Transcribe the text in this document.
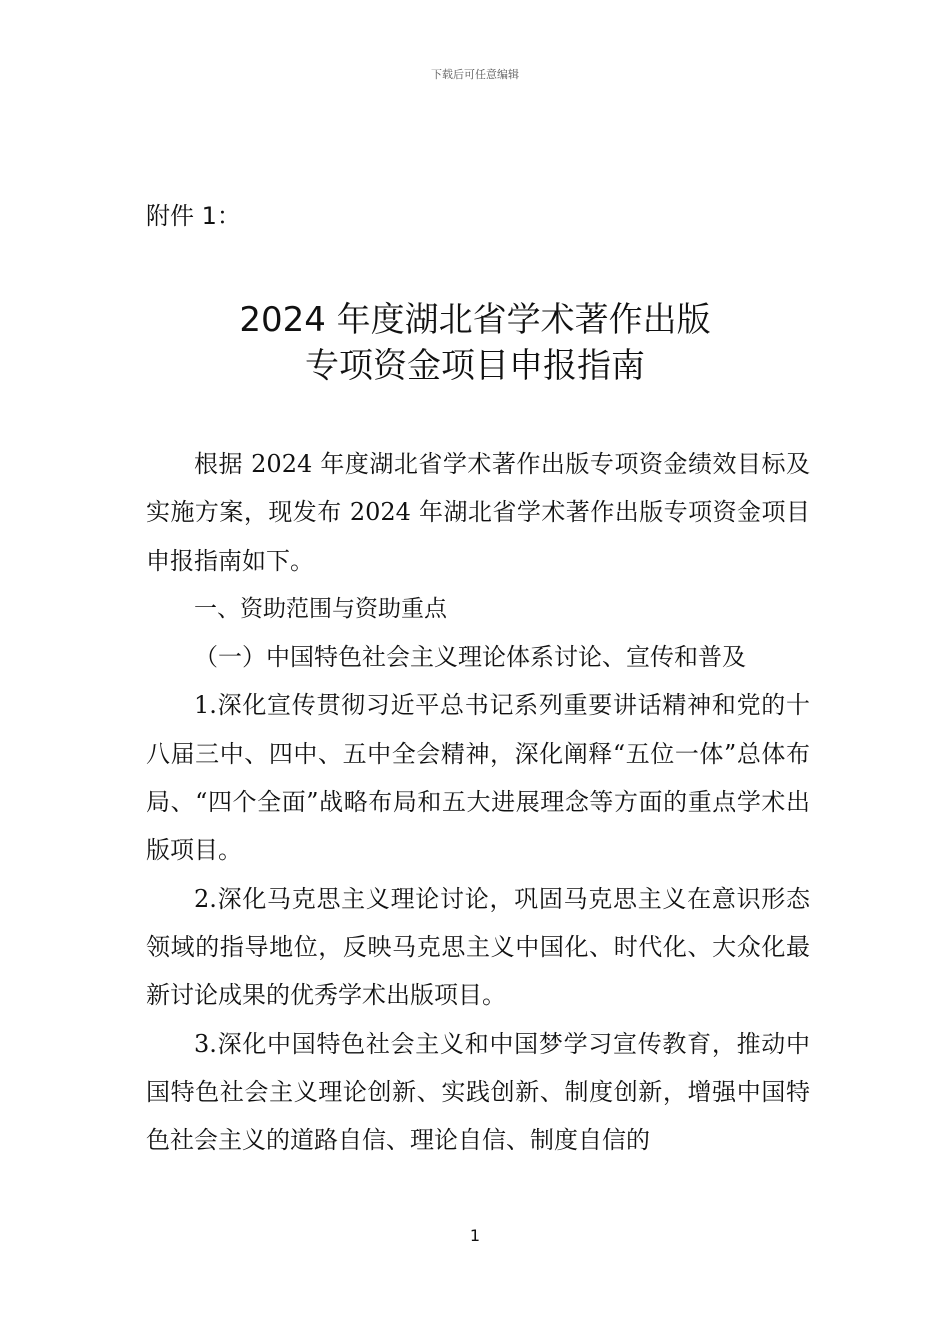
下载后可任意编辑
附件 1：
2024 年度湖北省学术著作出版
专项资金项目申报指南

根据 2024 年度湖北省学术著作出版专项资金绩效目标及实施方案，现发布 2024 年湖北省学术著作出版专项资金项目申报指南如下。

一、资助范围与资助重点

（一）中国特色社会主义理论体系讨论、宣传和普及

1.深化宣传贯彻习近平总书记系列重要讲话精神和党的十八届三中、四中、五中全会精神，深化阐释“五位一体”总体布局、“四个全面”战略布局和五大进展理念等方面的重点学术出版项目。

2.深化马克思主义理论讨论，巩固马克思主义在意识形态领域的指导地位，反映马克思主义中国化、时代化、大众化最新讨论成果的优秀学术出版项目。

3.深化中国特色社会主义和中国梦学习宣传教育，推动中国特色社会主义理论创新、实践创新、制度创新，增强中国特色社会主义的道路自信、理论自信、制度自信的

1
